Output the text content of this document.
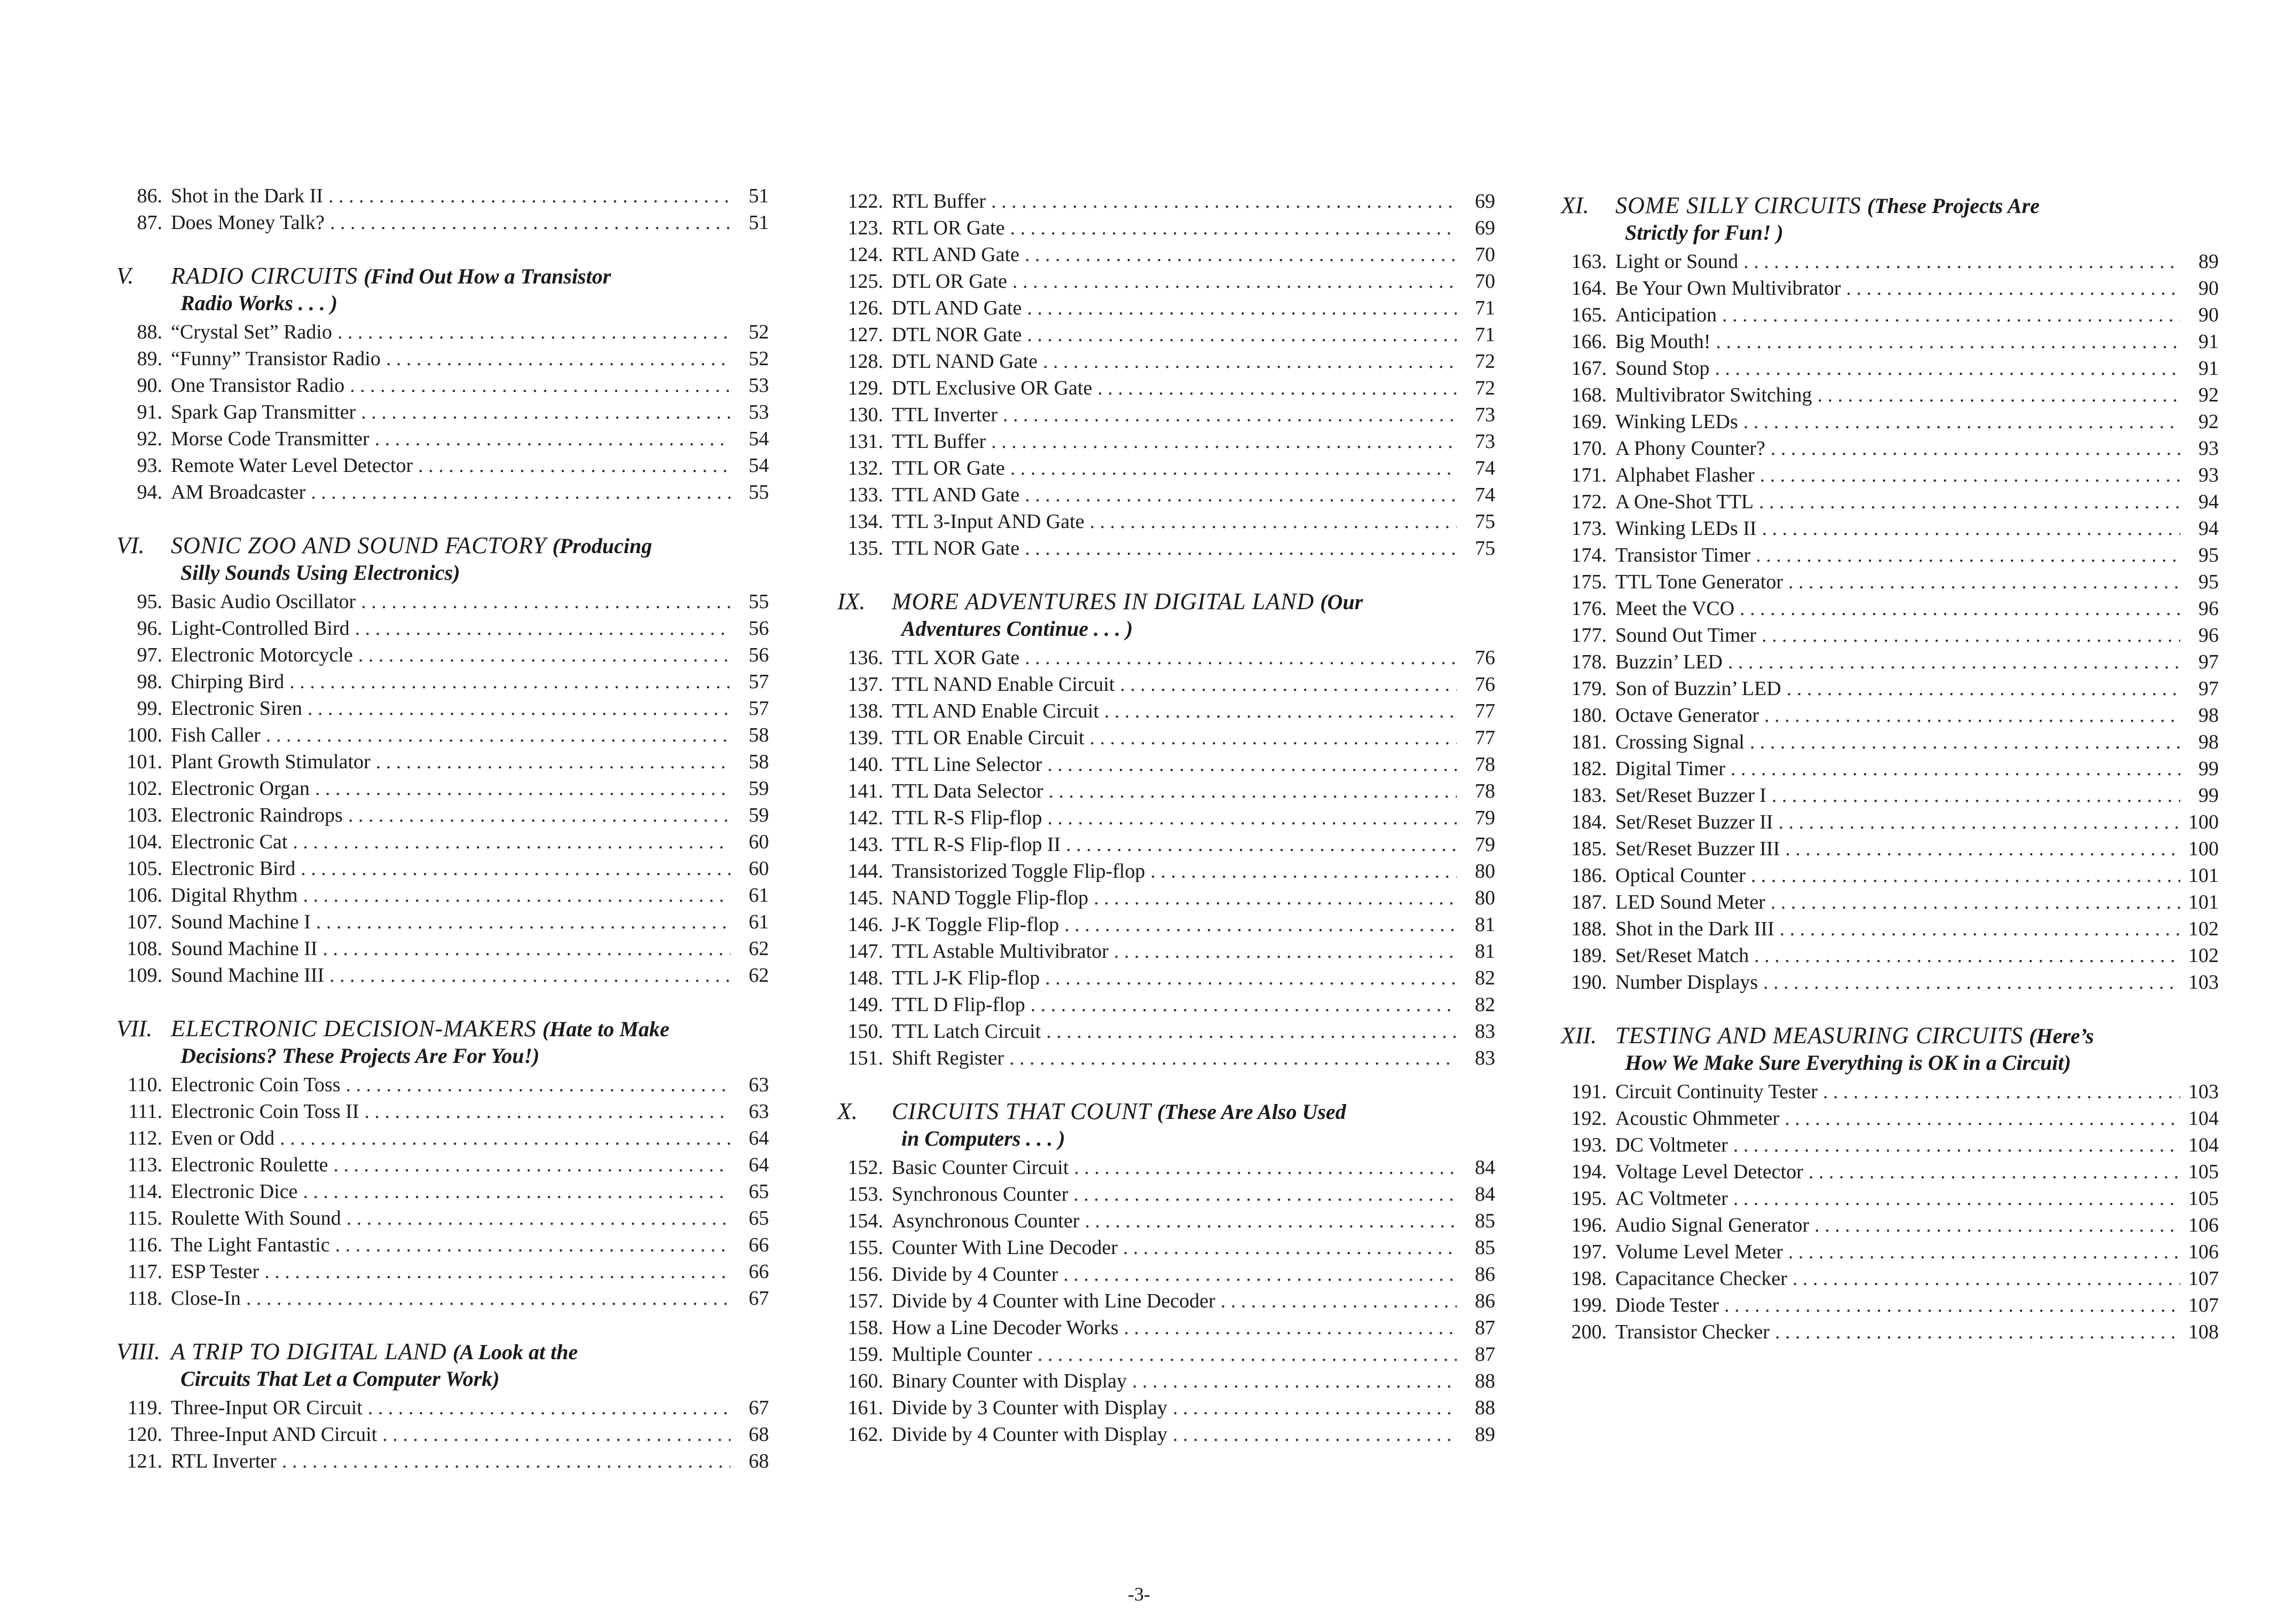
86. Shot in the Dark II . . .	51
87. Does Money Talk? . . .	51
V.	RADIO CIRCUITS (Find Out How a Transistor
Radio Works . . . )
88. “Crystal Set” Radio . . .	52
89. “Funny” Transistor Radio . . .	52
90. One Transistor Radio . . .	53
91. Spark Gap Transmitter . . .	53
92. Morse Code Transmitter . . .	54
93. Remote Water Level Detector . . .	54
94. AM Broadcaster . . .	55
VI.	SONIC ZOO AND SOUND FACTORY (Producing
Silly Sounds Using Electronics)
95. Basic Audio Oscillator . . .	55
96. Light-Controlled Bird . . .	56
97. Electronic Motorcycle . . .	56
98. Chirping Bird . . .	57
99. Electronic Siren . . .	57
100. Fish Caller . . .	58
101. Plant Growth Stimulator . . .	58
102. Electronic Organ . . .	59
103. Electronic Raindrops . . .	59
104. Electronic Cat . . .	60
105. Electronic Bird . . .	60
106. Digital Rhythm . . .	61
107. Sound Machine I . . .	61
108. Sound Machine II . . .	62
109. Sound Machine III . . .	62
VII. ELECTRONIC DECISION-MAKERS (Hate to Make
Decisions? These Projects Are For You!)
110. Electronic Coin Toss . . .	63
111. Electronic Coin Toss II . . .	63
112. Even or Odd . . .	64
113. Electronic Roulette . . .	64
114. Electronic Dice . . .	65
115. Roulette With Sound . . .	65
116. The Light Fantastic . . .	66
117. ESP Tester . . .	66
118. Close-In . . .	67
VIII. A TRIP TO DIGITAL LAND (A Look at the
Circuits That Let a Computer Work)
119. Three-Input OR Circuit . . .	67
120. Three-Input AND Circuit . . .	68
121. RTL Inverter . . .	68
122. RTL Buffer . . .	69
123. RTL OR Gate . . .	69
124. RTL AND Gate . . .	70
125. DTL OR Gate . . .	70
126. DTL AND Gate . . .	71
127. DTL NOR Gate . . .	71
128. DTL NAND Gate . . .	72
129. DTL Exclusive OR Gate . . .	72
130. TTL Inverter . . .	73
131. TTL Buffer . . .	73
132. TTL OR Gate . . .	74
133. TTL AND Gate . . .	74
134. TTL 3-Input AND Gate . . .	75
135. TTL NOR Gate . . .	75
IX.	MORE ADVENTURES IN DIGITAL LAND (Our
Adventures Continue . . . )
136. TTL XOR Gate . . .	76
137. TTL NAND Enable Circuit . . .	76
138. TTL AND Enable Circuit . . .	77
139. TTL OR Enable Circuit . . .	77
140. TTL Line Selector . . .	78
141. TTL Data Selector . . .	78
142. TTL R-S Flip-flop . . .	79
143. TTL R-S Flip-flop II . . .	79
144. Transistorized Toggle Flip-flop . . .	80
145. NAND Toggle Flip-flop . . .	80
146. J-K Toggle Flip-flop . . .	81
147. TTL Astable Multivibrator . . .	81
148. TTL J-K Flip-flop . . .	82
149. TTL D Flip-flop . . .	82
150. TTL Latch Circuit . . .	83
151. Shift Register . . .	83
X.	CIRCUITS THAT COUNT (These Are Also Used
in Computers . . . )
152. Basic Counter Circuit . . .	84
153. Synchronous Counter . . .	84
154. Asynchronous Counter . . .	85
155. Counter With Line Decoder . . .	85
156. Divide by 4 Counter . . .	86
157. Divide by 4 Counter with Line Decoder . . .	86
158. How a Line Decoder Works . . .	87
159. Multiple Counter . . .	87
160. Binary Counter with Display . . .	88
161. Divide by 3 Counter with Display . . .	88
162. Divide by 4 Counter with Display . . .	89
XI.	SOME SILLY CIRCUITS (These Projects Are
Strictly for Fun! )
163. Light or Sound . . .	89
164. Be Your Own Multivibrator . . .	90
165. Anticipation . . .	90
166. Big Mouth! . . .	91
167. Sound Stop . . .	91
168. Multivibrator Switching . . .	92
169. Winking LEDs . . .	92
170. A Phony Counter? . . .	93
171. Alphabet Flasher . . .	93
172. A One-Shot TTL . . .	94
173. Winking LEDs II . . .	94
174. Transistor Timer . . .	95
175. TTL Tone Generator . . .	95
176. Meet the VCO . . .	96
177. Sound Out Timer . . .	96
178. Buzzin’ LED . . .	97
179. Son of Buzzin’ LED . . .	97
180. Octave Generator . . .	98
181. Crossing Signal . . .	98
182. Digital Timer . . .	99
183. Set/Reset Buzzer I . . .	99
184. Set/Reset Buzzer II . . .	100
185. Set/Reset Buzzer III . . .	100
186. Optical Counter . . .	101
187. LED Sound Meter . . .	101
188. Shot in the Dark III . . .	102
189. Set/Reset Match . . .	102
190. Number Displays . . .	103
XII. TESTING AND MEASURING CIRCUITS (Here’s
How We Make Sure Everything is OK in a Circuit)
191. Circuit Continuity Tester . . .	103
192. Acoustic Ohmmeter . . .	104
193. DC Voltmeter . . .	104
194. Voltage Level Detector . . .	105
195. AC Voltmeter . . .	105
196. Audio Signal Generator . . .	106
197. Volume Level Meter . . .	106
198. Capacitance Checker . . .	107
199. Diode Tester . . .	107
200. Transistor Checker . . .	108
-3-
